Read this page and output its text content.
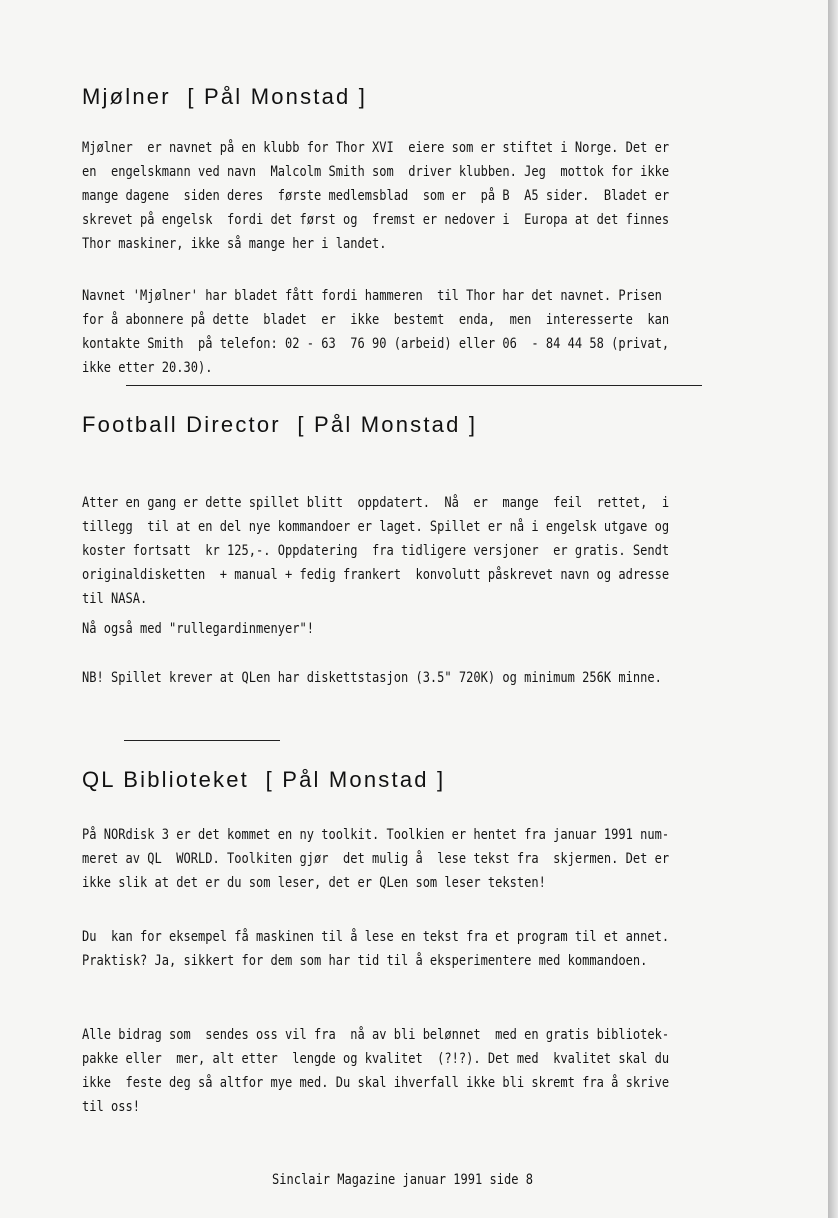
Mjølner  [ Pål Monstad ]
Mjølner  er navnet på en klubb for Thor XVI  eiere som er stiftet i Norge. Det er
en  engelskmann ved navn  Malcolm Smith som  driver klubben. Jeg  mottok for ikke
mange dagene  siden deres  første medlemsblad  som er  på B  A5 sider.  Bladet er
skrevet på engelsk  fordi det først og  fremst er nedover i  Europa at det finnes
Thor maskiner, ikke så mange her i landet.
Navnet 'Mjølner' har bladet fått fordi hammeren  til Thor har det navnet. Prisen
for å abonnere på dette  bladet  er  ikke  bestemt  enda,  men  interesserte  kan
kontakte Smith  på telefon: 02 - 63  76 90 (arbeid) eller 06  - 84 44 58 (privat,
ikke etter 20.30).
Football Director  [ Pål Monstad ]
Atter en gang er dette spillet blitt  oppdatert.  Nå  er  mange  feil  rettet,  i
tillegg  til at en del nye kommandoer er laget. Spillet er nå i engelsk utgave og
koster fortsatt  kr 125,-. Oppdatering  fra tidligere versjoner  er gratis. Sendt
originaldisketten  + manual + fedig frankert  konvolutt påskrevet navn og adresse
til NASA.
Nå også med "rullegardinmenyer"!
NB! Spillet krever at QLen har diskettstasjon (3.5" 720K) og minimum 256K minne.
QL Biblioteket  [ Pål Monstad ]
På NORdisk 3 er det kommet en ny toolkit. Toolkien er hentet fra januar 1991 num-
meret av QL  WORLD. Toolkiten gjør  det mulig å  lese tekst fra  skjermen. Det er
ikke slik at det er du som leser, det er QLen som leser teksten!
Du  kan for eksempel få maskinen til å lese en tekst fra et program til et annet.
Praktisk? Ja, sikkert for dem som har tid til å eksperimentere med kommandoen.
Alle bidrag som  sendes oss vil fra  nå av bli belønnet  med en gratis bibliotek-
pakke eller  mer, alt etter  lengde og kvalitet  (?!?). Det med  kvalitet skal du
ikke  feste deg så altfor mye med. Du skal ihverfall ikke bli skremt fra å skrive
til oss!
Sinclair Magazine januar 1991 side 8
